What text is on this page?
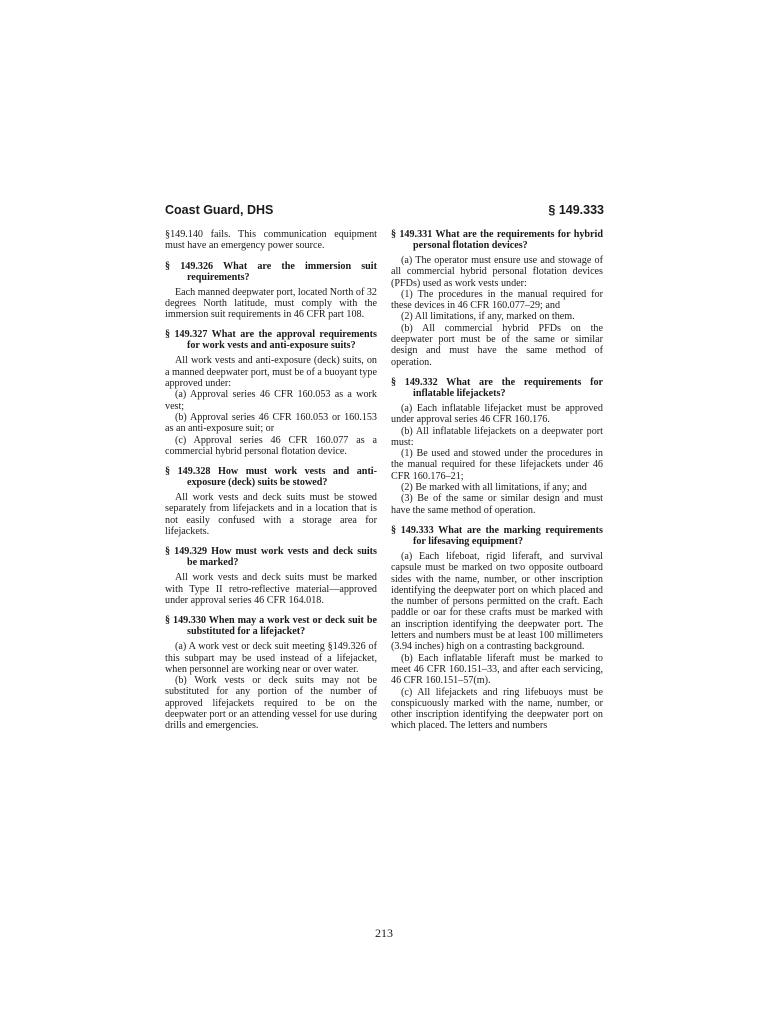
Coast Guard, DHS	§ 149.333

§149.140 fails. This communication equipment must have an emergency power source.

§ 149.326 What are the immersion suit requirements?

Each manned deepwater port, located North of 32 degrees North latitude, must comply with the immersion suit requirements in 46 CFR part 108.

§ 149.327 What are the approval requirements for work vests and anti-exposure suits?

All work vests and anti-exposure (deck) suits, on a manned deepwater port, must be of a buoyant type approved under:

(a) Approval series 46 CFR 160.053 as a work vest;

(b) Approval series 46 CFR 160.053 or 160.153 as an anti-exposure suit; or

(c) Approval series 46 CFR 160.077 as a commercial hybrid personal flotation device.

§ 149.328 How must work vests and anti-exposure (deck) suits be stowed?

All work vests and deck suits must be stowed separately from lifejackets and in a location that is not easily confused with a storage area for lifejackets.

§ 149.329 How must work vests and deck suits be marked?

All work vests and deck suits must be marked with Type II retro-reflective material—approved under approval series 46 CFR 164.018.

§ 149.330 When may a work vest or deck suit be substituted for a lifejacket?

(a) A work vest or deck suit meeting §149.326 of this subpart may be used instead of a lifejacket, when personnel are working near or over water.

(b) Work vests or deck suits may not be substituted for any portion of the number of approved lifejackets required to be on the deepwater port or an attending vessel for use during drills and emergencies.

§ 149.331 What are the requirements for hybrid personal flotation devices?

(a) The operator must ensure use and stowage of all commercial hybrid personal flotation devices (PFDs) used as work vests under:

(1) The procedures in the manual required for these devices in 46 CFR 160.077–29; and

(2) All limitations, if any, marked on them.

(b) All commercial hybrid PFDs on the deepwater port must be of the same or similar design and must have the same method of operation.

§ 149.332 What are the requirements for inflatable lifejackets?

(a) Each inflatable lifejacket must be approved under approval series 46 CFR 160.176.

(b) All inflatable lifejackets on a deepwater port must:

(1) Be used and stowed under the procedures in the manual required for these lifejackets under 46 CFR 160.176–21;

(2) Be marked with all limitations, if any; and

(3) Be of the same or similar design and must have the same method of operation.

§ 149.333 What are the marking requirements for lifesaving equipment?

(a) Each lifeboat, rigid liferaft, and survival capsule must be marked on two opposite outboard sides with the name, number, or other inscription identifying the deepwater port on which placed and the number of persons permitted on the craft. Each paddle or oar for these crafts must be marked with an inscription identifying the deepwater port. The letters and numbers must be at least 100 millimeters (3.94 inches) high on a contrasting background.

(b) Each inflatable liferaft must be marked to meet 46 CFR 160.151–33, and after each servicing, 46 CFR 160.151–57(m).

(c) All lifejackets and ring lifebuoys must be conspicuously marked with the name, number, or other inscription identifying the deepwater port on which placed. The letters and numbers

213
